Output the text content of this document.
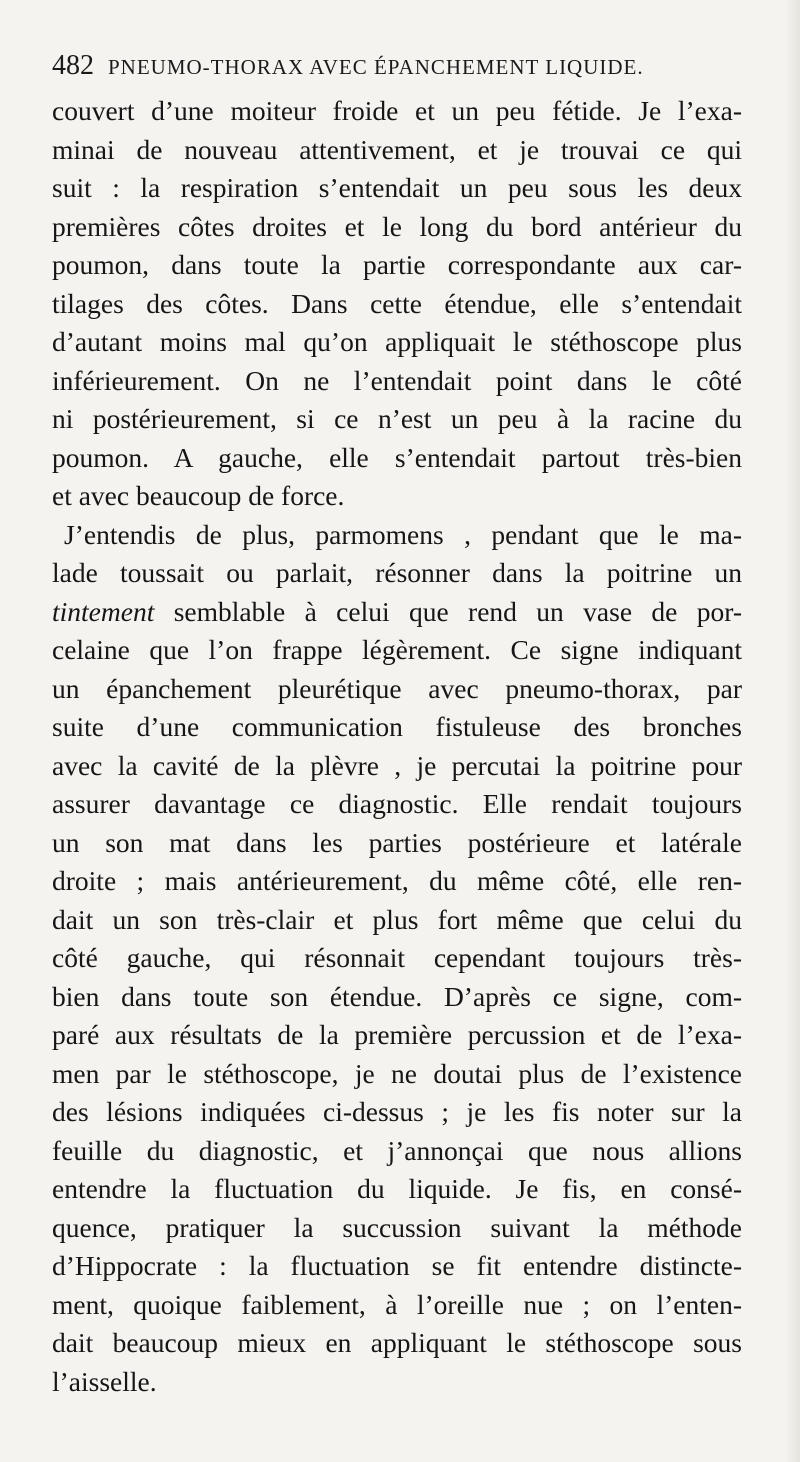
482 PNEUMO-THORAX AVEC ÉPANCHEMENT LIQUIDE.
couvert d’une moiteur froide et un peu fétide. Je l’exa-
minai de nouveau attentivement, et je trouvai ce qui
suit : la respiration s’entendait un peu sous les deux
premières côtes droites et le long du bord antérieur du
poumon, dans toute la partie correspondante aux car-
tilages des côtes. Dans cette étendue, elle s’entendait
d’autant moins mal qu’on appliquait le stéthoscope plus
inférieurement. On ne l’entendait point dans le côté
ni postérieurement, si ce n’est un peu à la racine du
poumon. A gauche, elle s’entendait partout très-bien
et avec beaucoup de force.
J’entendis de plus, parmomens , pendant que le ma-
lade toussait ou parlait, résonner dans la poitrine un
tintement semblable à celui que rend un vase de por-
celaine que l’on frappe légèrement. Ce signe indiquant
un épanchement pleurétique avec pneumo-thorax, par
suite d’une communication fistuleuse des bronches
avec la cavité de la plèvre , je percutai la poitrine pour
assurer davantage ce diagnostic. Elle rendait toujours
un son mat dans les parties postérieure et latérale
droite ; mais antérieurement, du même côté, elle ren-
dait un son très-clair et plus fort même que celui du
côté gauche, qui résonnait cependant toujours très-
bien dans toute son étendue. D’après ce signe, com-
paré aux résultats de la première percussion et de l’exa-
men par le stéthoscope, je ne doutai plus de l’existence
des lésions indiquées ci-dessus ; je les fis noter sur la
feuille du diagnostic, et j’annonçai que nous allions
entendre la fluctuation du liquide. Je fis, en consé-
quence, pratiquer la succussion suivant la méthode
d’Hippocrate : la fluctuation se fit entendre distincte-
ment, quoique faiblement, à l’oreille nue ; on l’enten-
dait beaucoup mieux en appliquant le stéthoscope sous
l’aisselle.
